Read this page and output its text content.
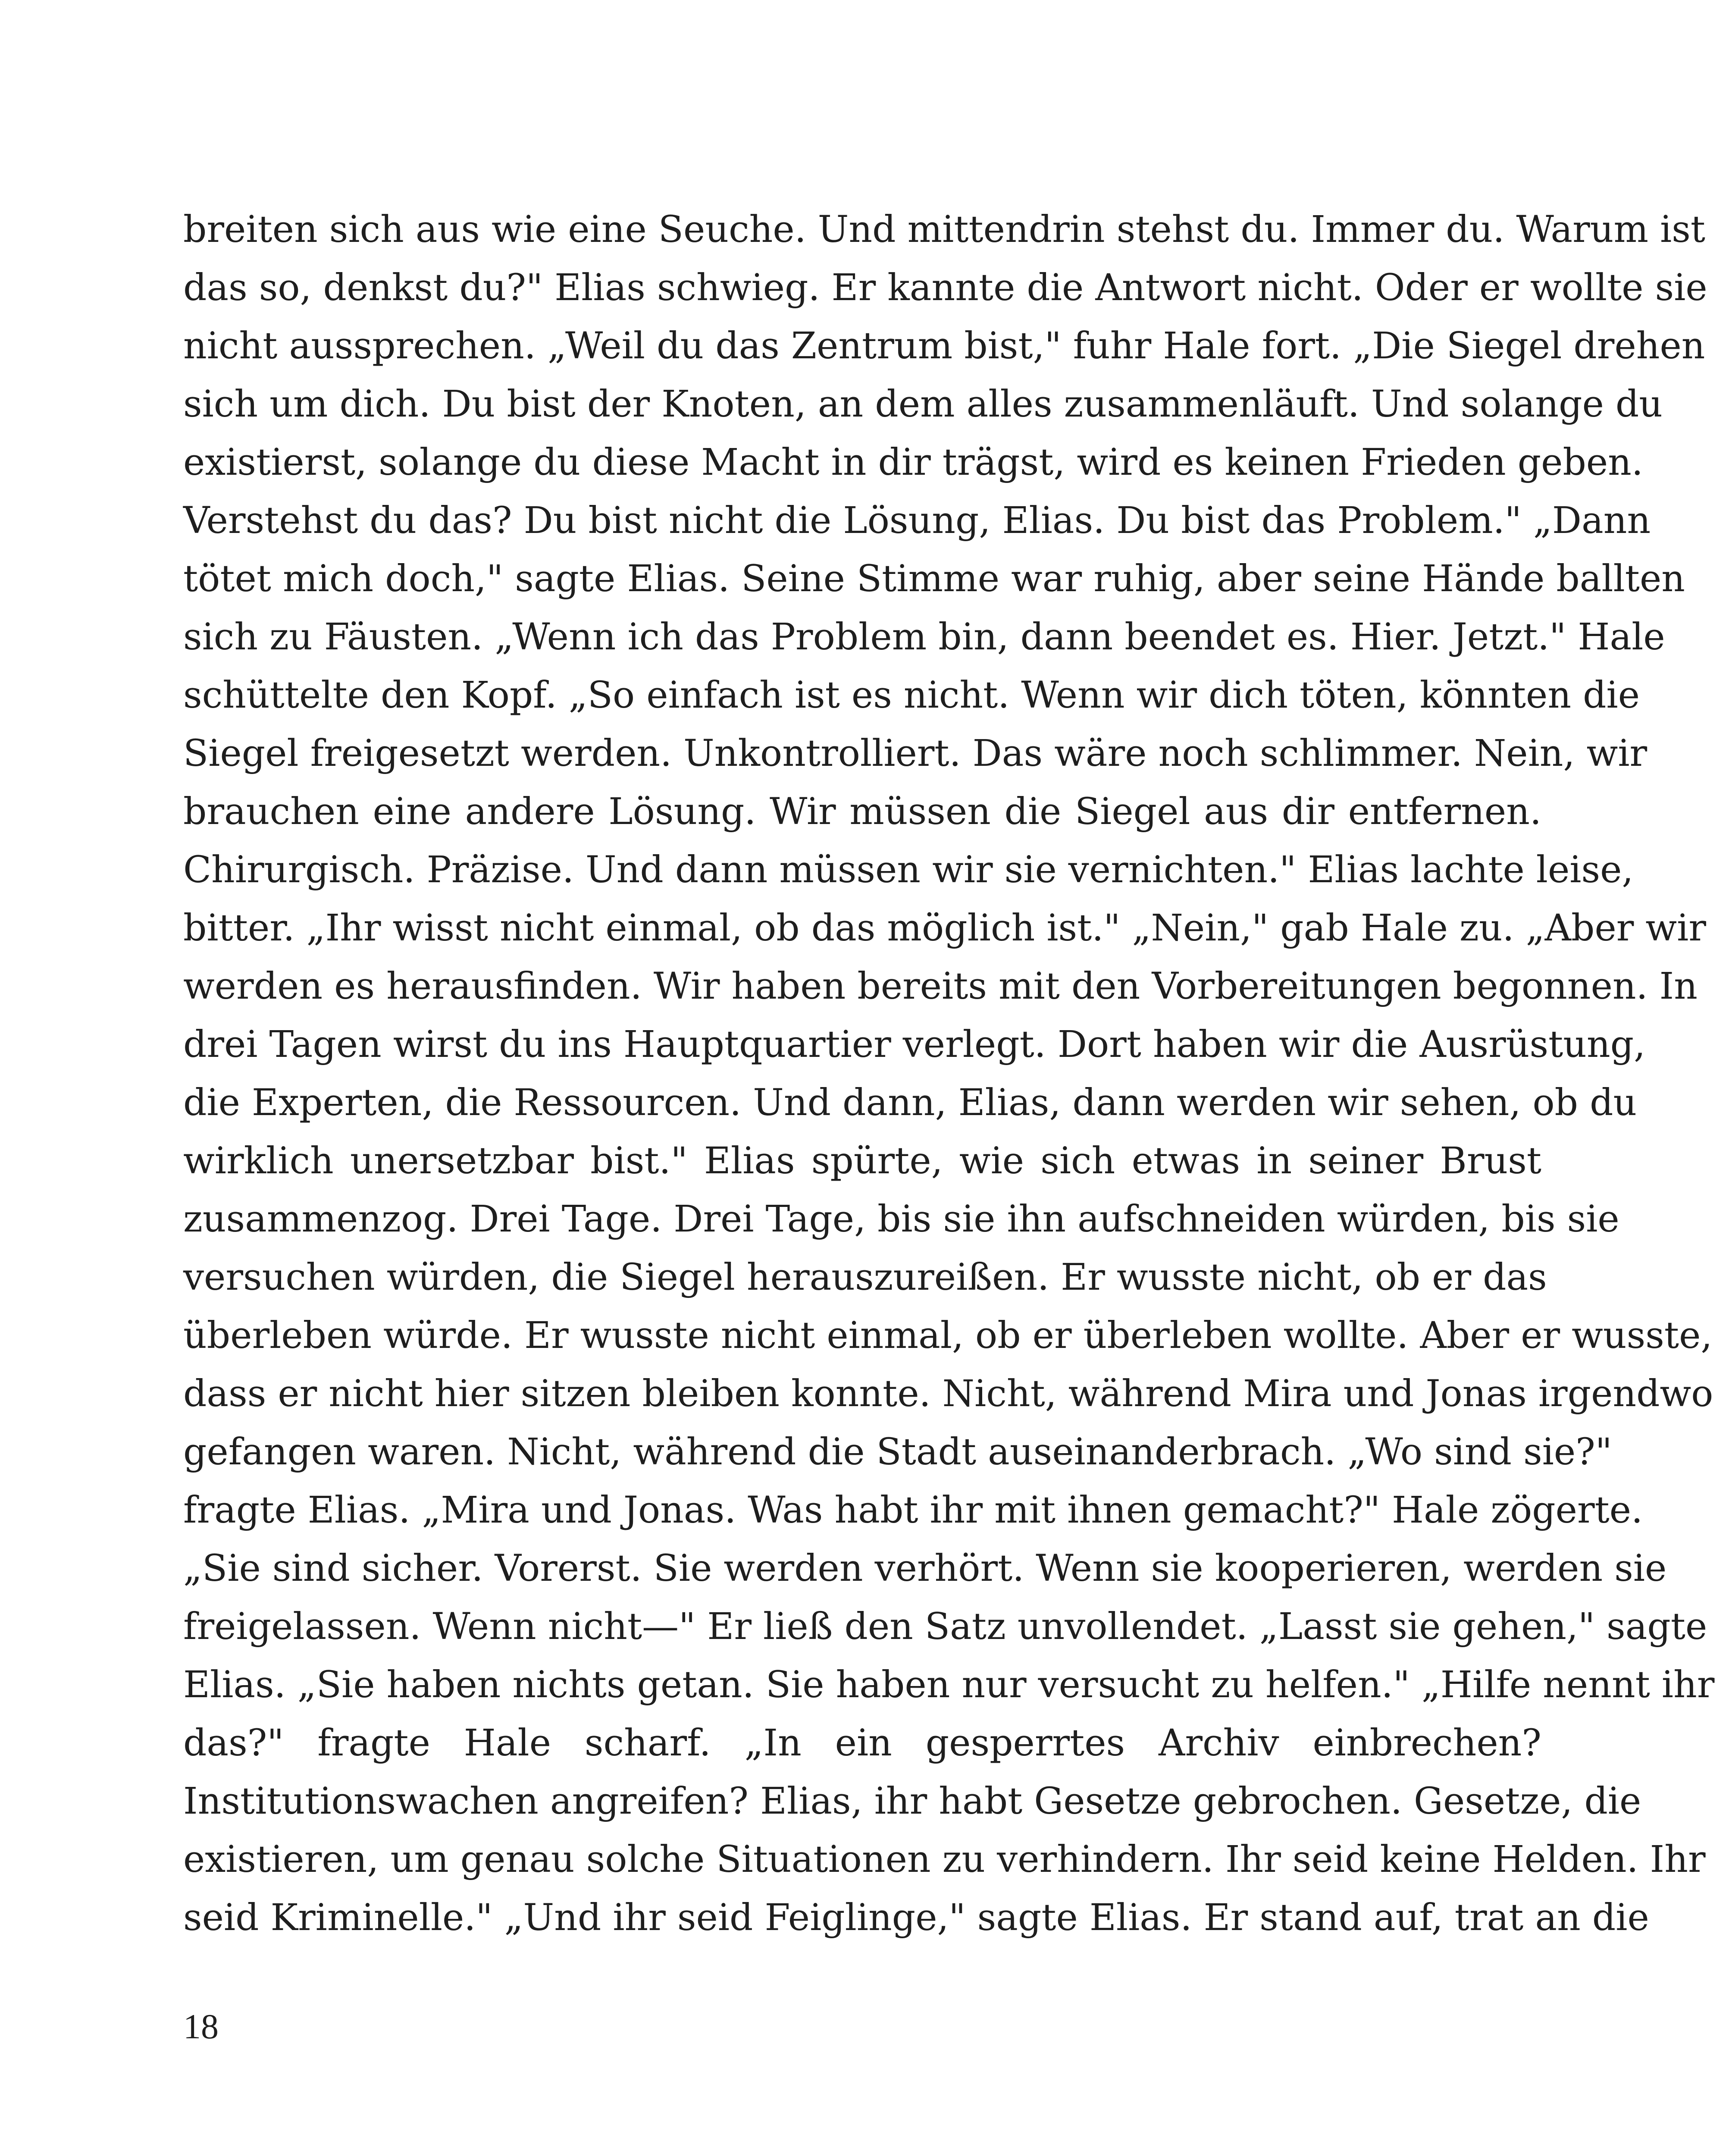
breiten sich aus wie eine Seuche. Und mittendrin stehst du. Immer du. Warum ist
das so, denkst du?" Elias schwieg. Er kannte die Antwort nicht. Oder er wollte sie
nicht aussprechen. „Weil du das Zentrum bist," fuhr Hale fort. „Die Siegel drehen
sich um dich. Du bist der Knoten, an dem alles zusammenläuft. Und solange du
existierst, solange du diese Macht in dir trägst, wird es keinen Frieden geben.
Verstehst du das? Du bist nicht die Lösung, Elias. Du bist das Problem." „Dann
tötet mich doch," sagte Elias. Seine Stimme war ruhig, aber seine Hände ballten
sich zu Fäusten. „Wenn ich das Problem bin, dann beendet es. Hier. Jetzt." Hale
schüttelte den Kopf. „So einfach ist es nicht. Wenn wir dich töten, könnten die
Siegel freigesetzt werden. Unkontrolliert. Das wäre noch schlimmer. Nein, wir
brauchen eine andere Lösung. Wir müssen die Siegel aus dir entfernen.
Chirurgisch. Präzise. Und dann müssen wir sie vernichten." Elias lachte leise,
bitter. „Ihr wisst nicht einmal, ob das möglich ist." „Nein," gab Hale zu. „Aber wir
werden es herausfinden. Wir haben bereits mit den Vorbereitungen begonnen. In
drei Tagen wirst du ins Hauptquartier verlegt. Dort haben wir die Ausrüstung,
die Experten, die Ressourcen. Und dann, Elias, dann werden wir sehen, ob du
wirklich unersetzbar bist." Elias spürte, wie sich etwas in seiner Brust
zusammenzog. Drei Tage. Drei Tage, bis sie ihn aufschneiden würden, bis sie
versuchen würden, die Siegel herauszureißen. Er wusste nicht, ob er das
überleben würde. Er wusste nicht einmal, ob er überleben wollte. Aber er wusste,
dass er nicht hier sitzen bleiben konnte. Nicht, während Mira und Jonas irgendwo
gefangen waren. Nicht, während die Stadt auseinanderbrach. „Wo sind sie?"
fragte Elias. „Mira und Jonas. Was habt ihr mit ihnen gemacht?" Hale zögerte.
„Sie sind sicher. Vorerst. Sie werden verhört. Wenn sie kooperieren, werden sie
freigelassen. Wenn nicht—" Er ließ den Satz unvollendet. „Lasst sie gehen," sagte
Elias. „Sie haben nichts getan. Sie haben nur versucht zu helfen." „Hilfe nennt ihr
das?" fragte Hale scharf. „In ein gesperrtes Archiv einbrechen?
Institutionswachen angreifen? Elias, ihr habt Gesetze gebrochen. Gesetze, die
existieren, um genau solche Situationen zu verhindern. Ihr seid keine Helden. Ihr
seid Kriminelle." „Und ihr seid Feiglinge," sagte Elias. Er stand auf, trat an die

18
